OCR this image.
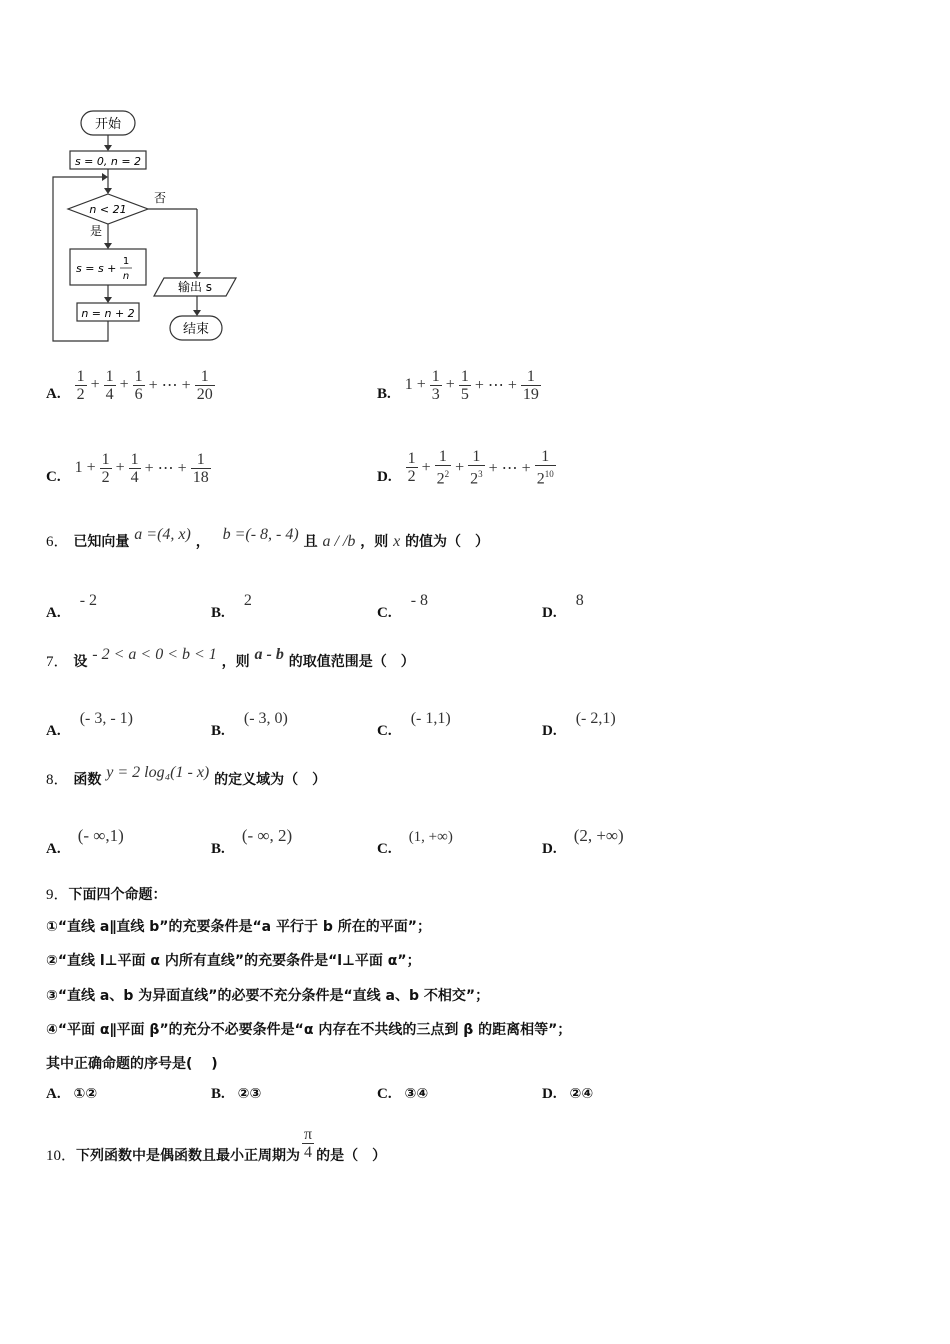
开始
s = 0, n = 2
n < 21
否
是
s = s +
1
n
n = n + 2
输出 s
结束
A. $\frac{1}{2} + \frac{1}{4} + \frac{1}{6}$ + ⋯ + $\frac{1}{20}$	B.
$1 + \frac{1}{3} + \frac{1}{5}$ + ⋯ + $\frac{1}{19}$
C.
$1 + \frac{1}{2} + \frac{1}{4}$ + ⋯ + $\frac{1}{18}$	D. $\frac{1}{2} + \frac{1}{2^2} + \frac{1}{2^3}$ + ⋯ + $\frac{1}{2^{10}}$
6． 已知向量 a =(4, x) ， b =(- 8, - 4) 且 a / /b ，则 x 的值为（　）
A. - 2
B. 2
C. - 8
D. 8
7． 设 - 2 < a < 0 < b < 1 ，则 a - b 的取值范围是（　）
A. (- 3, - 1)
B. (- 3, 0)
C. (- 1,1)
D. (- 2,1)
8． 函数 y = 2 log₄(1 - x) 的定义域为（　）
A. (- ∞,1)
B. (- ∞, 2)
C. (1, +∞)
D. (2, +∞)
9．下面四个命题：
①“直线 a∥直线 b”的充要条件是“a 平行于 b 所在的平面”；
②“直线 l⊥平面 α 内所有直线”的充要条件是“l⊥平面 α”；
③“直线 a、b 为异面直线”的必要不充分条件是“直线 a、b 不相交”；
④“平面 α∥平面 β”的充分不必要条件是“α 内存在不共线的三点到 β 的距离相等”；
其中正确命题的序号是(　 )
A. ①②	B. ②③	C. ③④	D. ②④
10． 下列函数中是偶函数且最小正周期为 $\frac{\pi}{4}$ 的是（　）
